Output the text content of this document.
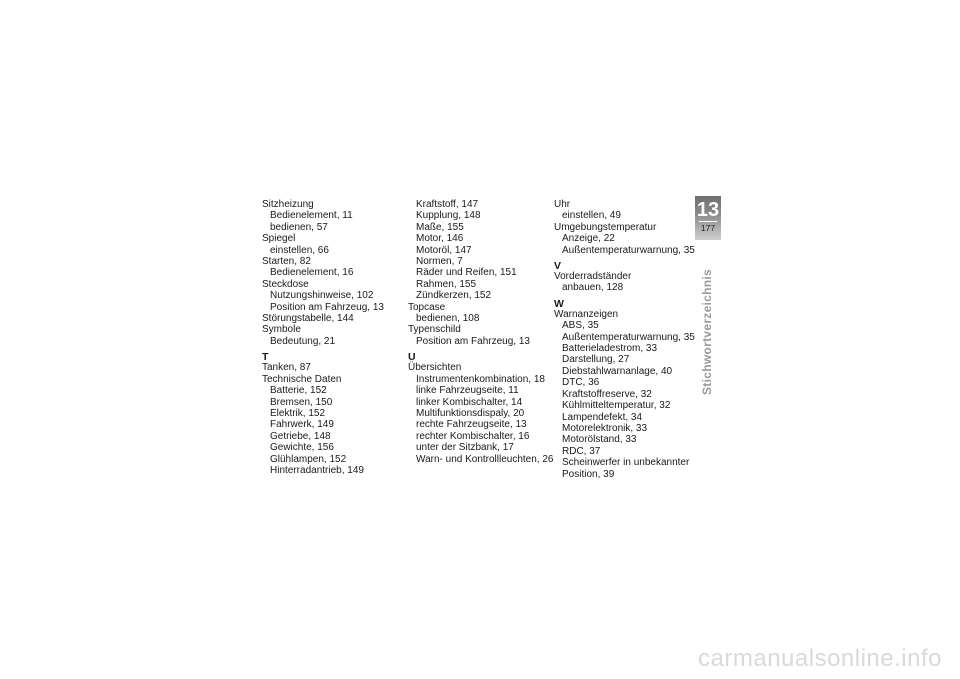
Sitzheizung
Bedienelement, 11
bedienen, 57
Spiegel
einstellen, 66
Starten, 82
Bedienelement, 16
Steckdose
Nutzungshinweise, 102
Position am Fahrzeug, 13
Störungstabelle, 144
Symbole
Bedeutung, 21
T
Tanken, 87
Technische Daten
Batterie, 152
Bremsen, 150
Elektrik, 152
Fahrwerk, 149
Getriebe, 148
Gewichte, 156
Glühlampen, 152
Hinterradantrieb, 149
Kraftstoff, 147
Kupplung, 148
Maße, 155
Motor, 146
Motoröl, 147
Normen, 7
Räder und Reifen, 151
Rahmen, 155
Zündkerzen, 152
Topcase
bedienen, 108
Typenschild
Position am Fahrzeug, 13
U
Übersichten
Instrumentenkombination, 18
linke Fahrzeugseite, 11
linker Kombischalter, 14
Multifunktionsdispaly, 20
rechte Fahrzeugseite, 13
rechter Kombischalter, 16
unter der Sitzbank, 17
Warn- und Kontrollleuchten, 26
Uhr
einstellen, 49
Umgebungstemperatur
Anzeige, 22
Außentemperaturwarnung, 35
V
Vorderradständer
anbauen, 128
W
Warnanzeigen
ABS, 35
Außentemperaturwarnung, 35
Batterieladestrom, 33
Darstellung, 27
Diebstahlwarnanlage, 40
DTC, 36
Kraftstoffreserve, 32
Kühlmitteltemperatur, 32
Lampendefekt, 34
Motorelektronik, 33
Motorölstand, 33
RDC, 37
Scheinwerfer in unbekannter
Position, 39
13
177
Stichwortverzeichnis
carmanualsonline.info
